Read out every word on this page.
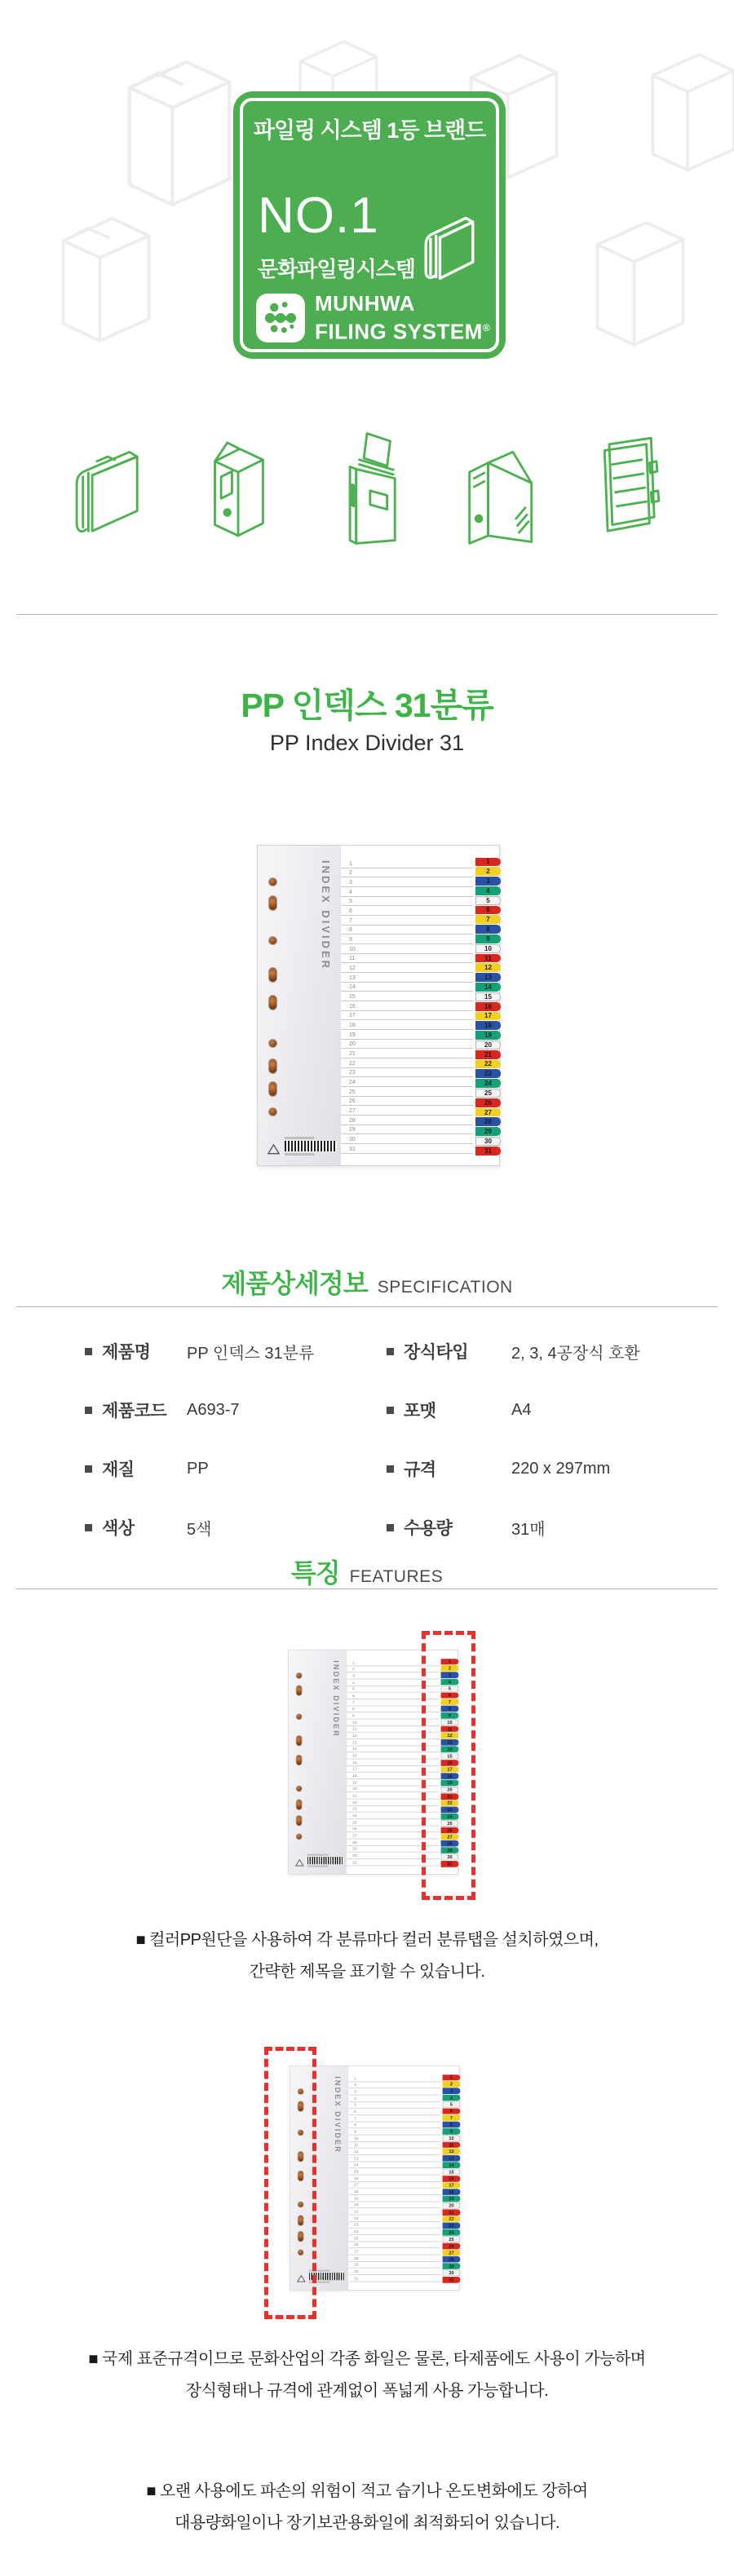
파일링 시스템 1등 브랜드
NO.1
문화파일링시스템
MUNHWA
FILING SYSTEM®
PP 인덱스 31분류
PP Index Divider 31
INDEX DIVIDER	1
2
3
4
5
6
7
8
9
10
11
12
13
14
15
16
17
18
19
20
21
22
23
24
25
26
27
28
29
30
31
1
2
3
4
5
6
7
8
9
10
11
12
13
14
15
16
17
18
19
20
21
22
23
24
25
26
27
28
29
30
31
제품상세정보 SPECIFICATION
제품명	PP 인덱스 31분류
제품코드 A693-7
재질	PP
색상	5색
장식타입	2, 3, 4공장식 호환
포맷	A4
규격	220 x 297mm
수용량	31매
특징 FEATURES
INDEX DIVIDER	1
2
3
4
5
6
7
8
9
10
11
12
13
14
15
16
17
18
19
20
21
22
23
24
25
26
27
28
29
30
31
1
2
3
4
5
6
7
8
9
10
11
12
13
14
15
16
17
18
19
20
21
22
23
24
25
26
27
28
29
30
31
■ 컬러PP원단을 사용하여 각 분류마다 컬러 분류탭을 설치하였으며,
간략한 제목을 표기할 수 있습니다.
INDEX DIVIDER	1
2
3
4
5
6
7
8
9
10
11
12
13
14
15
16
17
18
19
20
21
22
23
24
25
26
27
28
29
30
31
1
2
3
4
5
6
7
8
9
10
11
12
13
14
15
16
17
18
19
20
21
22
23
24
25
26
27
28
29
30
31
■ 국제 표준규격이므로 문화산업의 각종 화일은 물론, 타제품에도 사용이 가능하며
장식형태나 규격에 관계없이 폭넓게 사용 가능합니다.
■ 오랜 사용에도 파손의 위험이 적고 습기나 온도변화에도 강하여
대용량화일이나 장기보관용화일에 최적화되어 있습니다.
